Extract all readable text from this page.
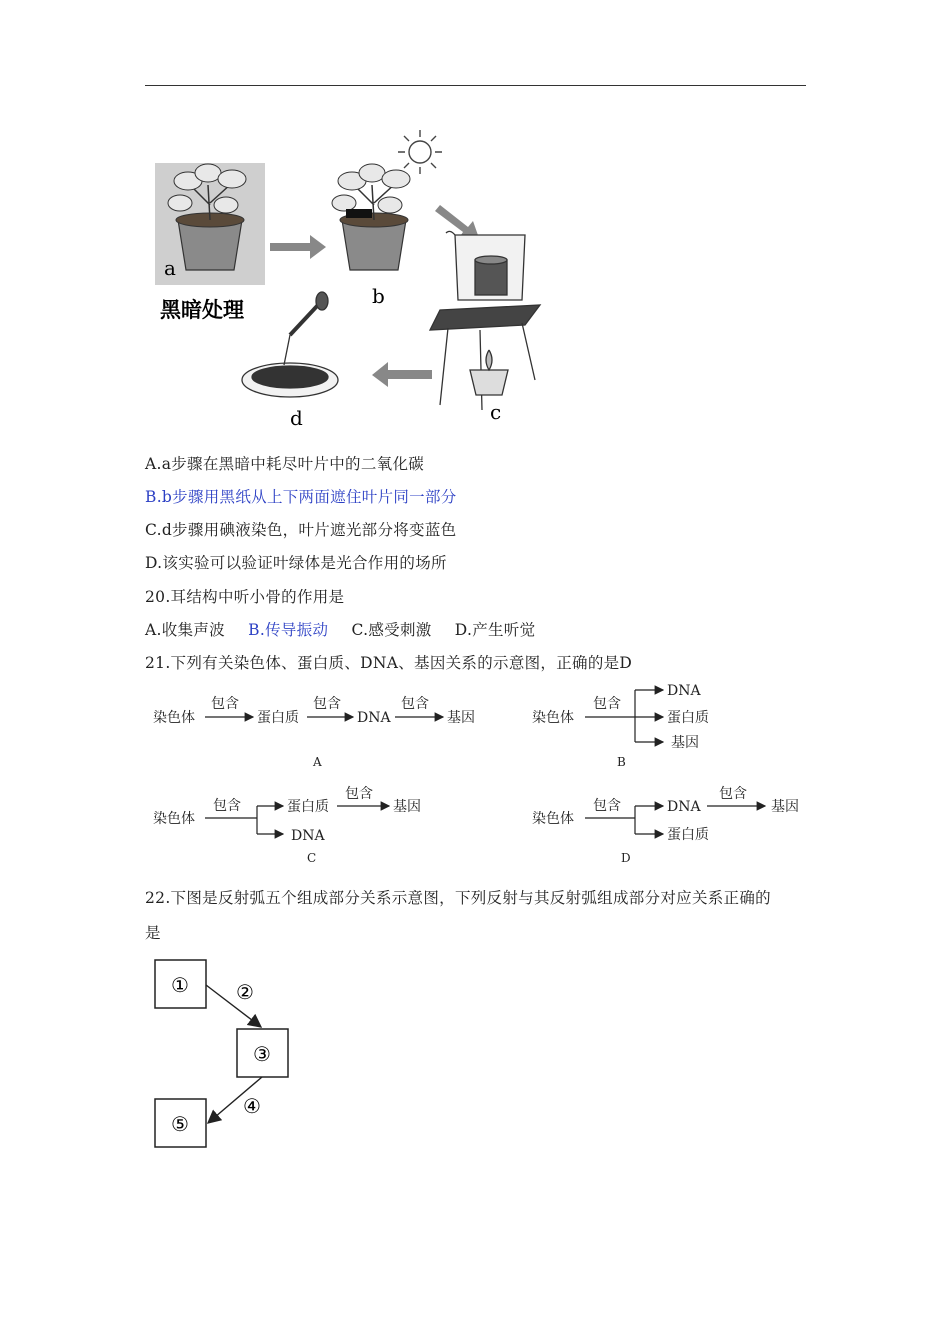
a
黑暗处理
b
c
d
A.a步骤在黑暗中耗尽叶片中的二氧化碳
B.b步骤用黑纸从上下两面遮住叶片同一部分
C.d步骤用碘液染色，叶片遮光部分将变蓝色
D.该实验可以验证叶绿体是光合作用的场所
20.耳结构中听小骨的作用是
A.收集声波 B.传导振动 C.感受刺激 D.产生听觉
21.下列有关染色体、蛋白质、DNA、基因关系的示意图，正确的是D
染色体
包含
蛋白质
包含
DNA
包含
基因
A
染色体
包含
DNA
蛋白质
基因
B
染色体
包含	蛋白质
包含
基因
DNA
C
染色体
包含	DNA
包含
基因
蛋白质
D
22.下图是反射弧五个组成部分关系示意图，下列反射与其反射弧组成部分对应关系正确的
是
① ②
③
④
⑤
